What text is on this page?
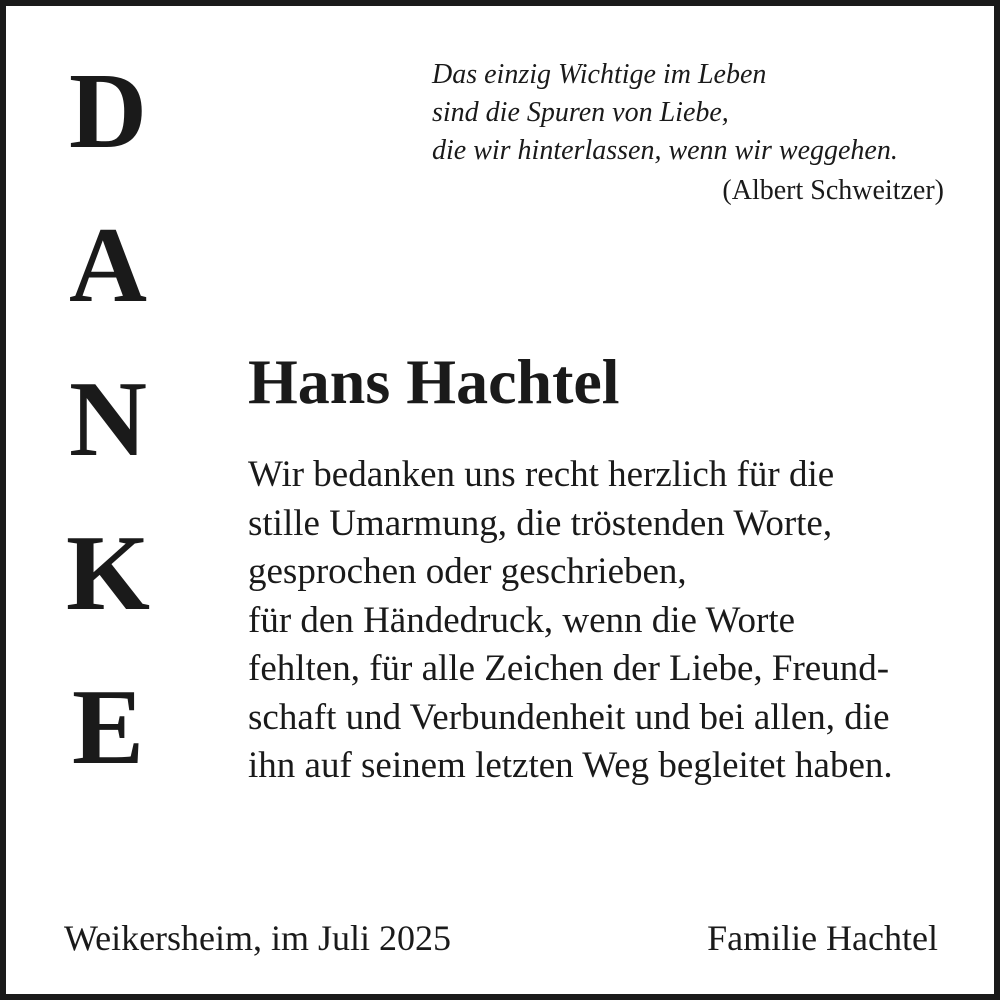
D
A
N
K
E
Das einzig Wichtige im Leben
sind die Spuren von Liebe,
die wir hinterlassen, wenn wir weggehen.
(Albert Schweitzer)
Hans Hachtel
Wir bedanken uns recht herzlich für die
stille Umarmung, die tröstenden Worte,
gesprochen oder geschrieben,
für den Händedruck, wenn die Worte
fehlten, für alle Zeichen der Liebe, Freund-
schaft und Verbundenheit und bei allen, die
ihn auf seinem letzten Weg begleitet haben.
Weikersheim, im Juli 2025	Familie Hachtel
